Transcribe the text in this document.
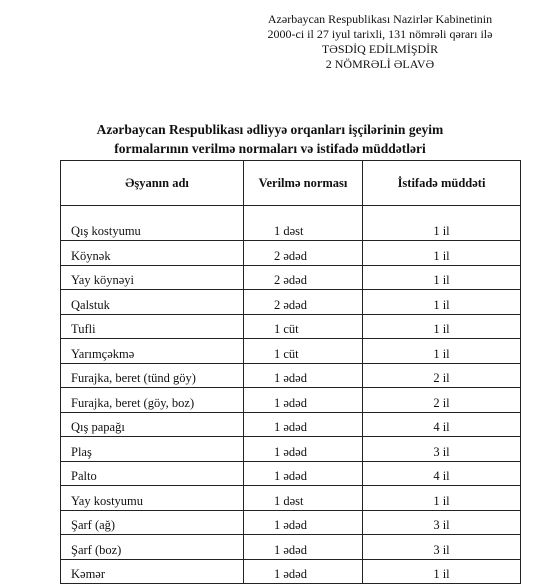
Azərbaycan Respublikası Nazirlər Kabinetinin
2000-ci il 27 iyul tarixli, 131 nömrəli qərarı ilə
TƏSDİQ EDİLMİŞDİR
2 NÖMRƏLİ ƏLAVƏ
Azərbaycan Respublikası ədliyyə orqanları işçilərinin geyim
formalarının verilmə normaları və istifadə müddətləri
Əşyanın adı	Verilmə norması	İstifadə müddəti
Qış kostyumu	1 dəst	1 il
Köynək	2 ədəd	1 il
Yay köynəyi	2 ədəd	1 il
Qalstuk	2 ədəd	1 il
Tufli	1 cüt	1 il
Yarımçəkmə	1 cüt	1 il
Furajka, beret (tünd göy)	1 ədəd	2 il
Furajka, beret (göy, boz)	1 ədəd	2 il
Qış papağı	1 ədəd	4 il
Plaş	1 ədəd	3 il
Palto	1 ədəd	4 il
Yay kostyumu	1 dəst	1 il
Şarf (ağ)	1 ədəd	3 il
Şarf (boz)	1 ədəd	3 il
Kəmər	1 ədəd	1 il
